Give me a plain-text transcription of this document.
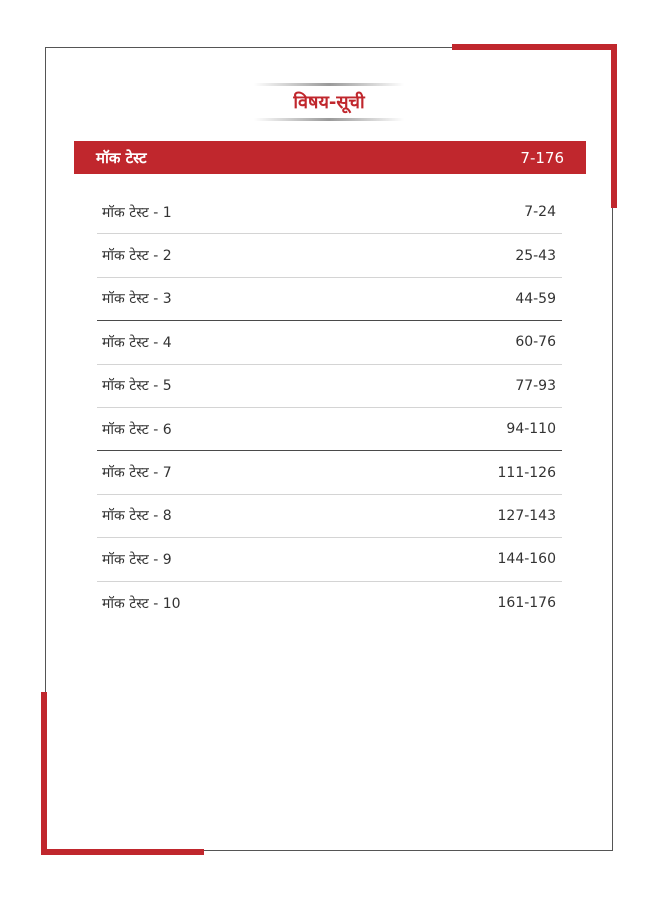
विषय-सूची
मॉक टेस्ट	7-176
मॉक टेस्ट - 1	7-24
मॉक टेस्ट - 2	25-43
मॉक टेस्ट - 3	44-59
मॉक टेस्ट - 4	60-76
मॉक टेस्ट - 5	77-93
मॉक टेस्ट - 6	94-110
मॉक टेस्ट - 7	111-126
मॉक टेस्ट - 8	127-143
मॉक टेस्ट - 9	144-160
मॉक टेस्ट - 10	161-176
